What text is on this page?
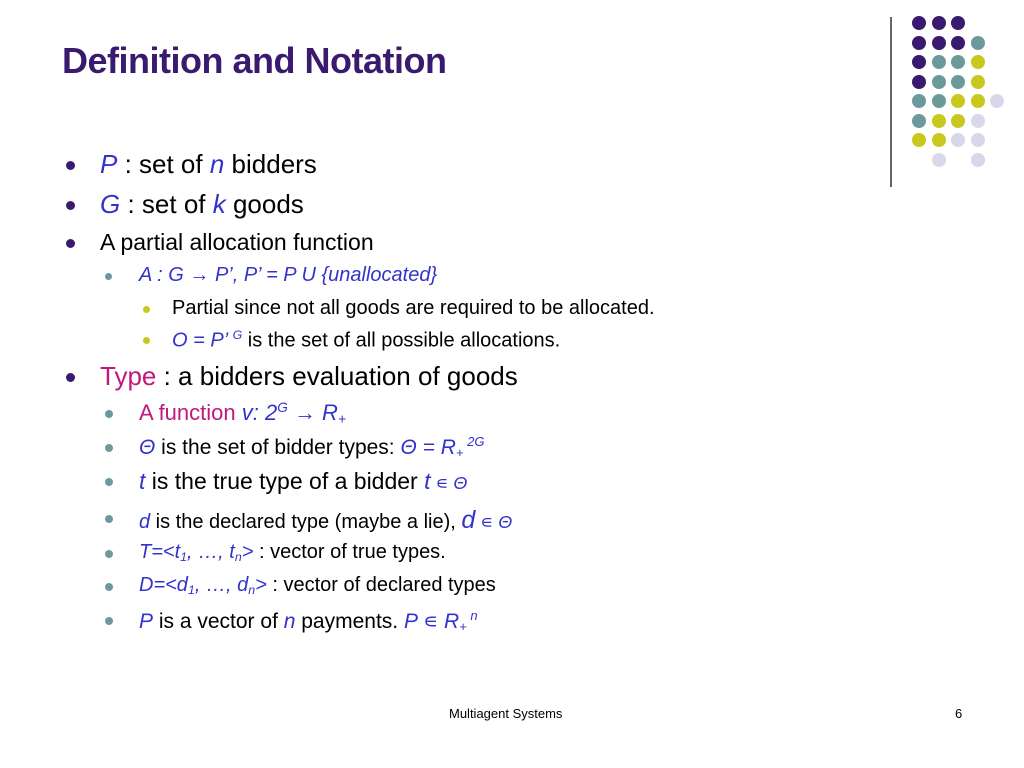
Definition and Notation
P : set of n bidders
G : set of k goods
A partial allocation function
A : G → P’, P’ = P U {unallocated}
Partial since not all goods are required to be allocated.
O = P’ $^G$ is the set of all possible allocations.
Type : a bidders evaluation of goods
A function v: $2^G \to R_+$
Θ is the set of bidder types: $\Theta = R_+$ $^{2G}$
t is the true type of a bidder t ∊ Θ
d is the declared type (maybe a lie), d ∊ Θ
$T=<t_1$, …, $t_n>$ : vector of true types.
$D=<d_1$, …, $d_n>$ : vector of declared types
P is a vector of n payments. P ∊ $R_+$ $^n$
Multiagent Systems	6
